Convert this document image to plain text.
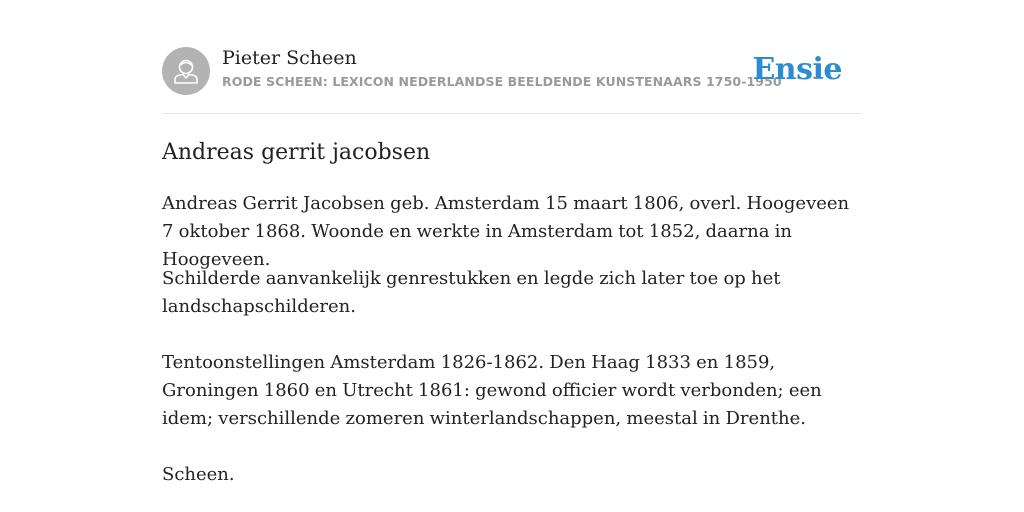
Pieter Scheen
RODE SCHEEN: LEXICON NEDERLANDSE BEELDENDE KUNSTENAARS 1750-1950
Ensie
Andreas gerrit jacobsen

Andreas Gerrit Jacobsen geb. Amsterdam 15 maart 1806, overl. Hoogeveen 7 oktober 1868. Woonde en werkte in Amsterdam tot 1852, daarna in Hoogeveen.

Schilderde aanvankelijk genrestukken en legde zich later toe op het landschapschilderen.

Tentoonstellingen Amsterdam 1826-1862. Den Haag 1833 en 1859, Groningen 1860 en Utrecht 1861: gewond officier wordt verbonden; een idem; verschillende zomeren winterlandschappen, meestal in Drenthe.

Scheen.
